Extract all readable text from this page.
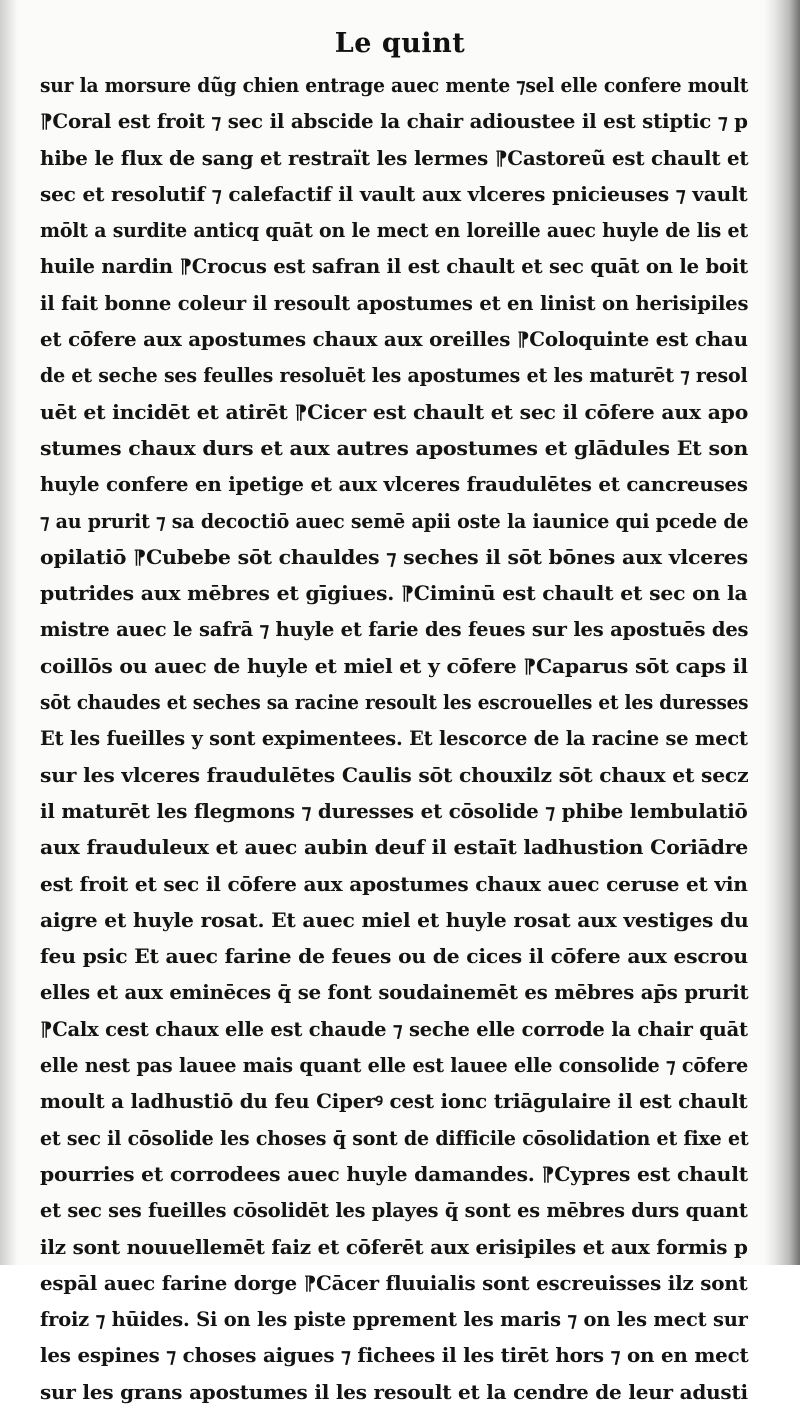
Le quint
sur la morsure dũg chien entrage auec mente ⁊sel elle confere moult
⁋Coral est froit ⁊ sec il abscide la chair adioustee il est stiptic ⁊ p
hibe le flux de sang et restraït les lermes ⁋Castoreũ est chault et
sec et resolutif ⁊ calefactif il vault aux vlceres pnicieuses ⁊ vault
mōlt a surdite anticq quāt on le mect en loreille auec huyle de lis et
huile nardin ⁋Crocus est safran il est chault et sec quāt on le boit
il fait bonne coleur il resoult apostumes et en linist on herisipiles
et cōfere aux apostumes chaux aux oreilles ⁋Coloquinte est chau
de et seche ses feulles resoluēt les apostumes et les maturēt ⁊ resol
uēt et incidēt et atirēt ⁋Cicer est chault et sec il cōfere aux apo
stumes chaux durs et aux autres apostumes et glādules Et son
huyle confere en ipetige et aux vlceres fraudulētes et cancreuses
⁊ au prurit ⁊ sa decoctiō auec semē apii oste la iaunice qui pcede de
opilatiō ⁋Cubebe sōt chauldes ⁊ seches il sōt bōnes aux vlceres
putrides aux mēbres et gīgiues. ⁋Ciminū est chault et sec on la
mistre auec le safrā ⁊ huyle et farie des feues sur les apostuēs des
coillōs ou auec de huyle et miel et y cōfere ⁋Caparus sōt caps il
sōt chaudes et seches sa racine resoult les escrouelles et les duresses
Et les fueilles y sont expimentees. Et lescorce de la racine se mect
sur les vlceres fraudulētes Caulis sōt chouxilz sōt chaux et secz
il maturēt les flegmons ⁊ duresses et cōsolide ⁊ phibe lembulatiō
aux frauduleux et auec aubin deuf il estaīt ladhustion Coriādre
est froit et sec il cōfere aux apostumes chaux auec ceruse et vin
aigre et huyle rosat. Et auec miel et huyle rosat aux vestiges du
feu psic Et auec farine de feues ou de cices il cōfere aux escrou
elles et aux eminēces q̄ se font soudainemēt es mēbres ap̄s prurit
⁋Calx cest chaux elle est chaude ⁊ seche elle corrode la chair quāt
elle nest pas lauee mais quant elle est lauee elle consolide ⁊ cōfere
moult a ladhustiō du feu Ciperꝰ cest ionc triāgulaire il est chault
et sec il cōsolide les choses q̄ sont de difficile cōsolidation et fixe et
pourries et corrodees auec huyle damandes. ⁋Cypres est chault
et sec ses fueilles cōsolidēt les playes q̄ sont es mēbres durs quant
ilz sont nouuellemēt faiz et cōferēt aux erisipiles et aux formis p
espāl auec farine dorge ⁋Cācer fluuialis sont escreuisses ilz sont
froiz ⁊ hūides. Si on les piste pprement les maris ⁊ on les mect sur
les espines ⁊ choses aigues ⁊ fichees il les tirēt hors ⁊ on en mect
sur les grans apostumes il les resoult et la cendre de leur adusti
